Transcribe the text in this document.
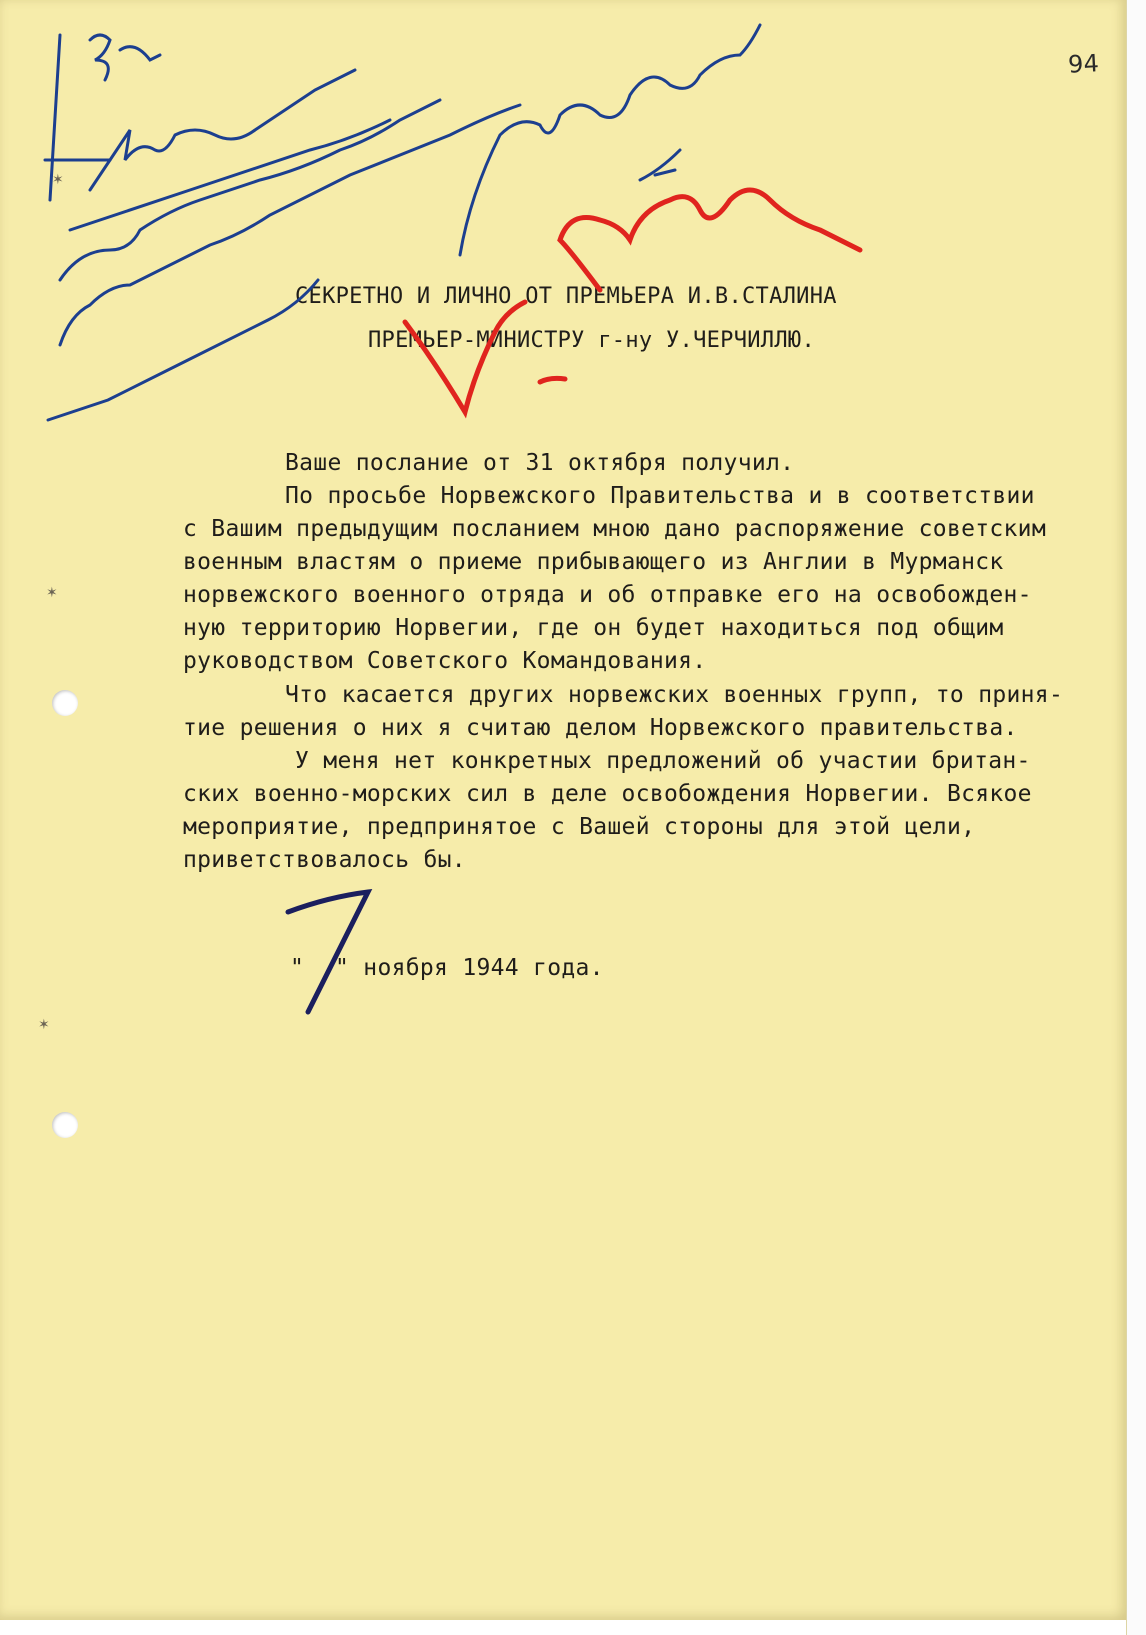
✶
✶
✶
94
СЕКРЕТНО И ЛИЧНО ОТ ПРЕМЬЕРА И.В.СТАЛИНА
ПРЕМЬЕР-МИНИСТРУ г-ну У.ЧЕРЧИЛЛЮ.
Ваше послание от 31 октября получил.
По просьбе Норвежского Правительства и в соответствии
с Вашим предыдущим посланием мною дано распоряжение советским
военным властям о приеме прибывающего из Англии в Мурманск
норвежского военного отряда и об отправке его на освобожден-
ную территорию Норвегии, где он будет находиться под общим
руководством Советского Командования.
Что касается других норвежских военных групп, то приня-
тие решения о них я считаю делом Норвежского правительства.
У меня нет конкретных предложений об участии британ-
ских военно-морских сил в деле освобождения Норвегии. Всякое
мероприятие, предпринятое с Вашей стороны для этой цели,
приветствовалось бы.
" ноября 1944 года.
"
